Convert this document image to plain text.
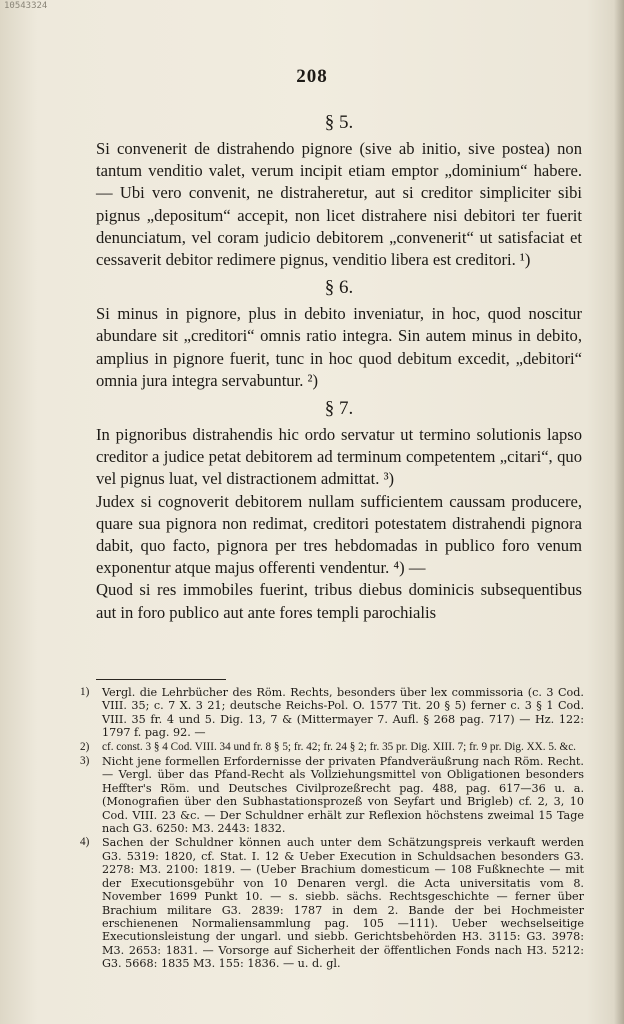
10543324
208

§ 5.

Si convenerit de distrahendo pignore (sive ab initio, sive postea) non tantum venditio valet, verum incipit etiam emptor „dominium“ habere. — Ubi vero convenit, ne distraheretur, aut si creditor simpliciter sibi pignus „depositum“ accepit, non licet distrahere nisi debitori ter fuerit denunciatum, vel coram judicio debitorem „convenerit“ ut satisfaciat et cessaverit debitor redimere pignus, venditio libera est creditori. ¹)

§ 6.

Si minus in pignore, plus in debito inveniatur, in hoc, quod noscitur abundare sit „creditori“ omnis ratio integra. Sin autem minus in debito, amplius in pignore fuerit, tunc in hoc quod debitum excedit, „debitori“ omnia jura integra servabuntur. ²)

§ 7.

In pignoribus distrahendis hic ordo servatur ut termino solutionis lapso creditor a judice petat debitorem ad terminum competentem „citari“, quo vel pignus luat, vel distractionem admittat. ³)

Judex si cognoverit debitorem nullam sufficientem caussam producere, quare sua pignora non redimat, creditori potestatem distrahendi pignora dabit, quo facto, pignora per tres hebdomadas in publico foro venum exponentur atque majus offerenti vendentur. ⁴) —

Quod si res immobiles fuerint, tribus diebus dominicis subsequentibus aut in foro publico aut ante fores templi parochialis

1)	Vergl. die Lehrbücher des Röm. Rechts, besonders über lex commissoria (c. 3 Cod. VIII. 35; c. 7 X. 3 21; deutsche Reichs-Pol. O. 1577 Tit. 20 § 5) ferner c. 3 § 1 Cod. VIII. 35 fr. 4 und 5. Dig. 13, 7 & (Mittermayer 7. Aufl. § 268 pag. 717) — Hz. 122: 1797 f. pag. 92. —
2)	cf. const. 3 § 4 Cod. VIII. 34 und fr. 8 § 5; fr. 42; fr. 24 § 2; fr. 35 pr. Dig. XIII. 7; fr. 9 pr. Dig. XX. 5. &c.
3)	Nicht jene formellen Erfordernisse der privaten Pfandveräußrung nach Röm. Recht. — Vergl. über das Pfand-Recht als Vollziehungsmittel von Obligationen besonders Heffter's Röm. und Deutsches Civilprozeßrecht pag. 488, pag. 617—36 u. a. (Monografien über den Subhastationsprozeß von Seyfart und Brigleb) cf. 2, 3, 10 Cod. VIII. 23 &c. — Der Schuldner erhält zur Reflexion höchstens zweimal 15 Tage nach G3. 6250: M3. 2443: 1832.
4)	Sachen der Schuldner können auch unter dem Schätzungspreis verkauft werden G3. 5319: 1820, cf. Stat. I. 12 & Ueber Execution in Schuldsachen besonders G3. 2278: M3. 2100: 1819. — (Ueber Brachium domesticum — 108 Fußknechte — mit der Executionsgebühr von 10 Denaren vergl. die Acta universitatis vom 8. November 1699 Punkt 10. — s. siebb. sächs. Rechtsgeschichte — ferner über Brachium militare G3. 2839: 1787 in dem 2. Bande der bei Hochmeister erschienenen Normaliensammlung pag. 105 —111). Ueber wechselseitige Executionsleistung der ungarl. und siebb. Gerichtsbehörden H3. 3115: G3. 3978: M3. 2653: 1831. — Vorsorge auf Sicherheit der öffentlichen Fonds nach H3. 5212: G3. 5668: 1835 M3. 155: 1836. — u. d. gl.
